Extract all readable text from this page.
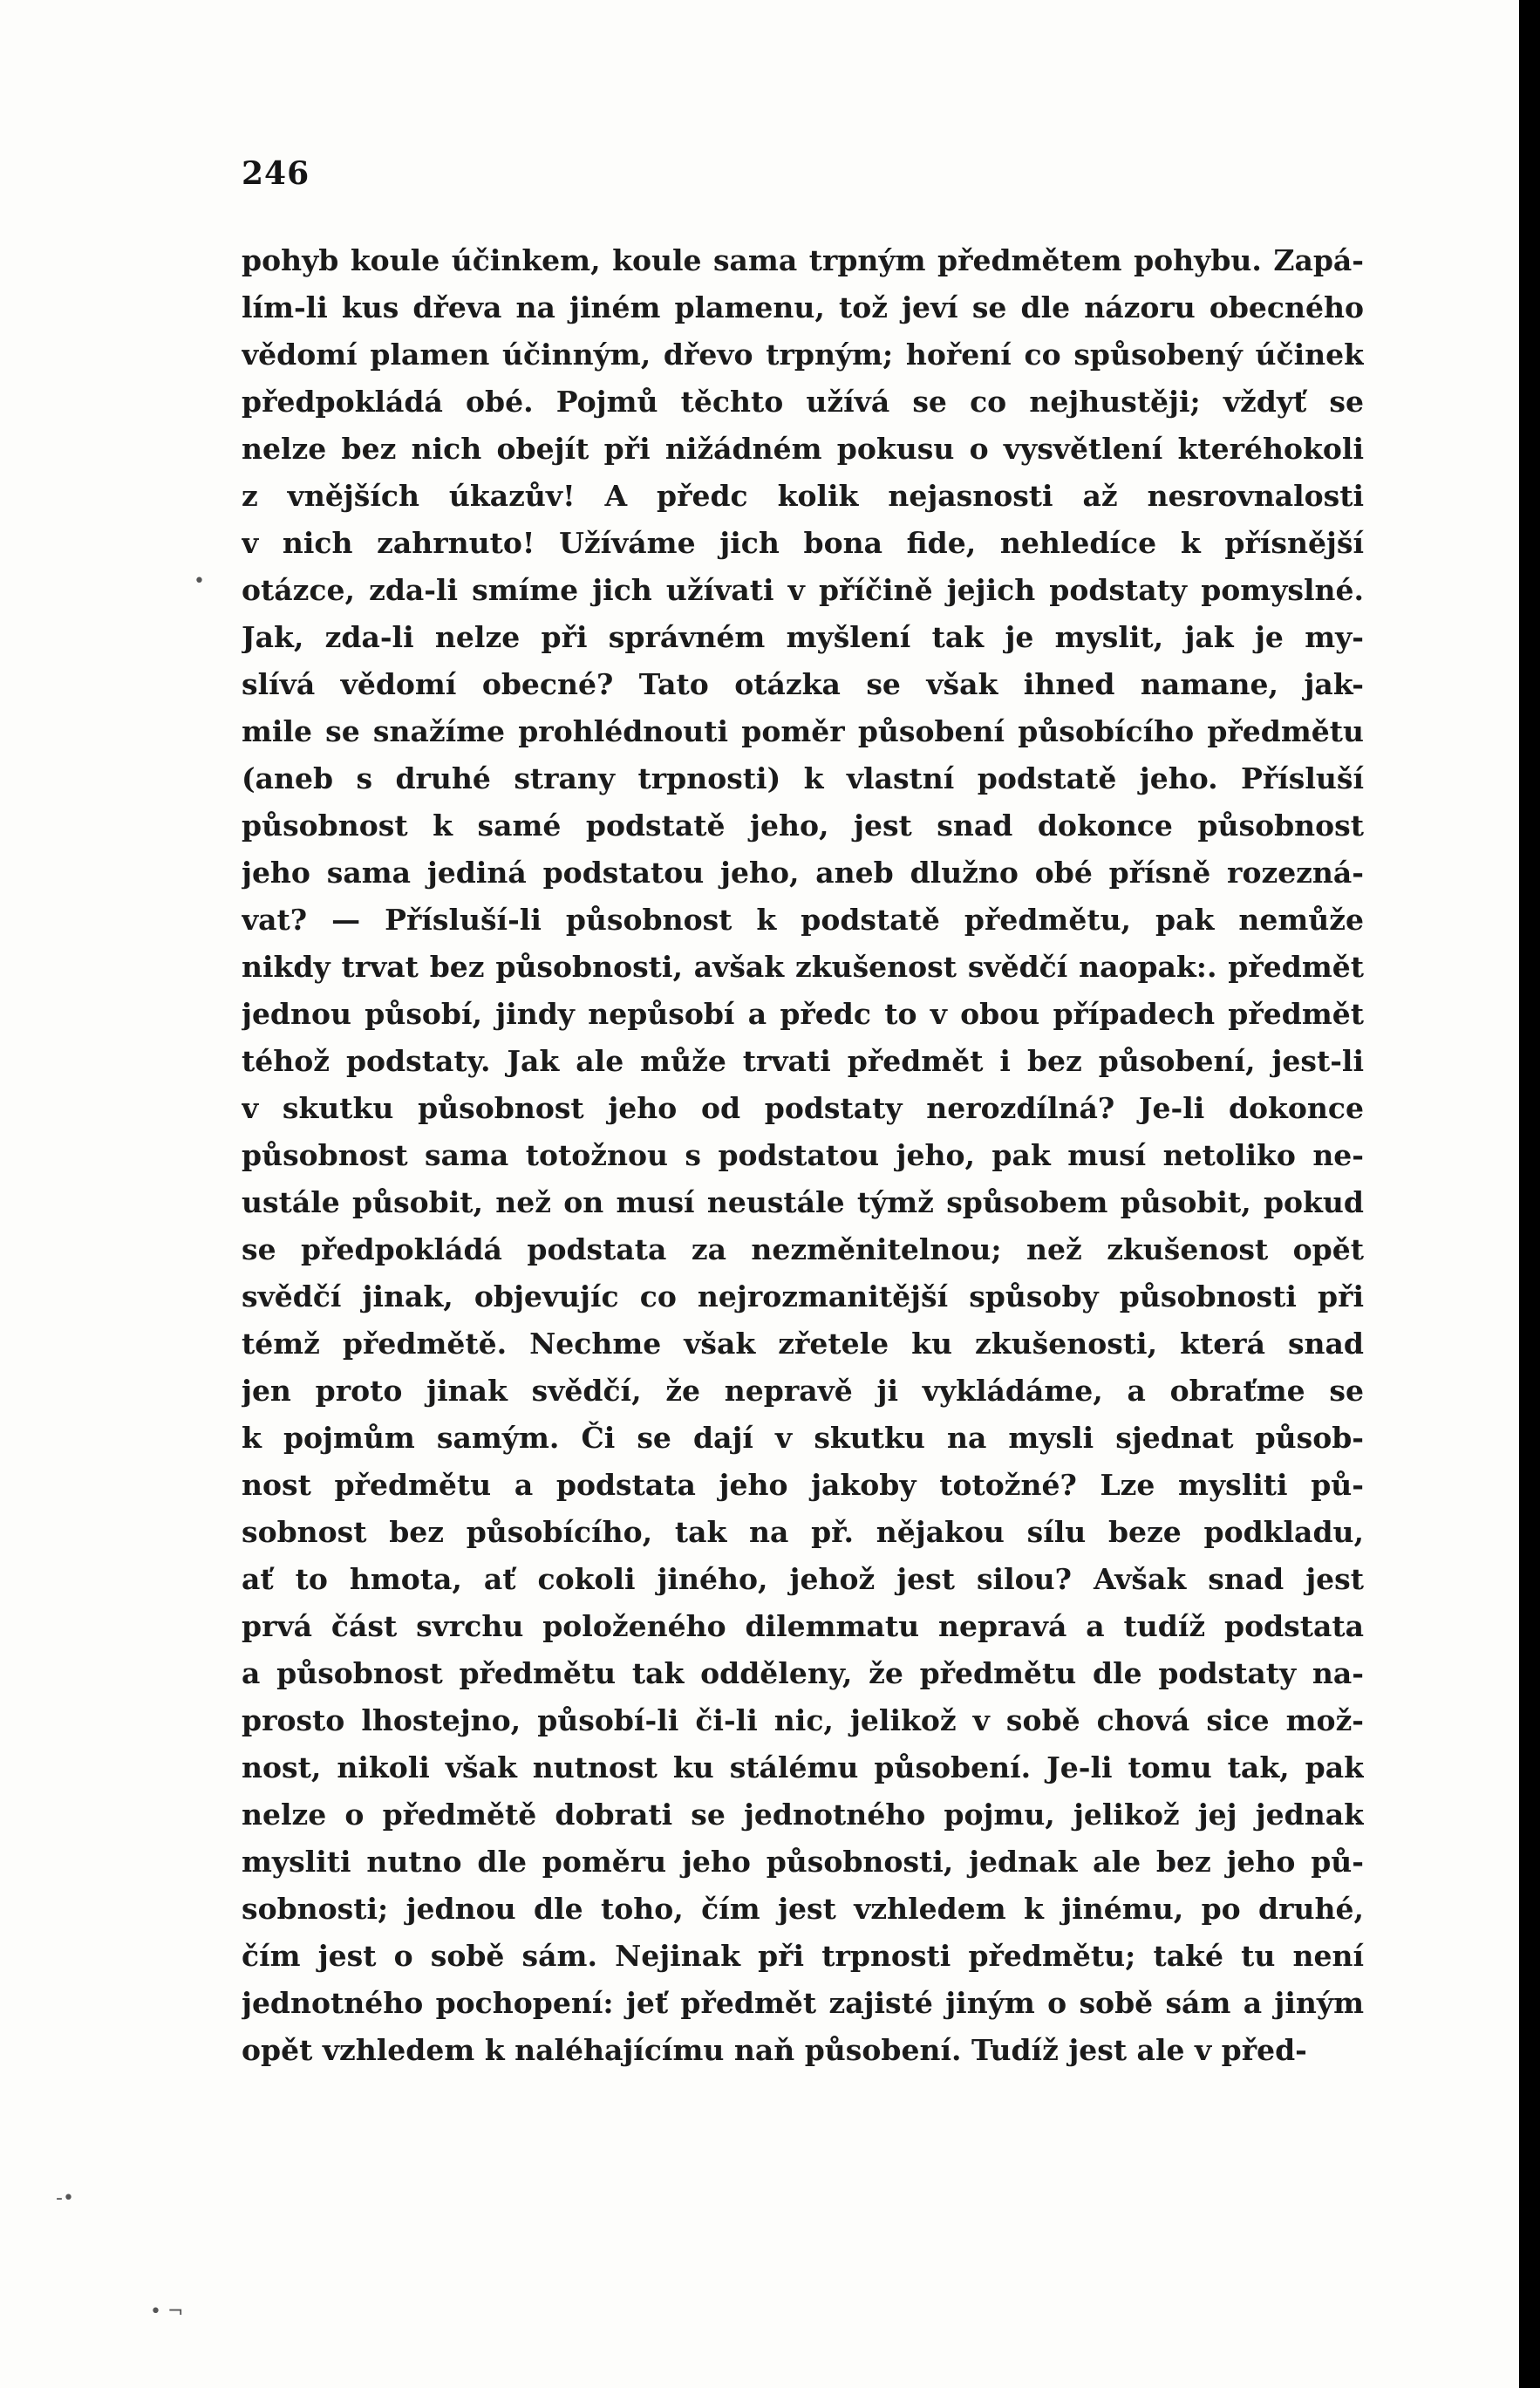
246
pohyb koule účinkem, koule sama trpným předmětem pohybu. Zapá-
lím-li kus dřeva na jiném plamenu, tož jeví se dle názoru obecného
vědomí plamen účinným, dřevo trpným; hoření co spůsobený účinek
předpokládá obé. Pojmů těchto užívá se co nejhustěji; vždyť se
nelze bez nich obejít při nižádném pokusu o vysvětlení kteréhokoli
z vnějších úkazův! A předc kolik nejasnosti až nesrovnalosti
v nich zahrnuto! Užíváme jich bona fide, nehledíce k přísnější
otázce, zda-li smíme jich užívati v příčině jejich podstaty pomyslné.
Jak, zda-li nelze při správném myšlení tak je myslit, jak je my-
slívá vědomí obecné? Tato otázka se však ihned namane, jak-
mile se snažíme prohlédnouti poměr působení působícího předmětu
(aneb s druhé strany trpnosti) k vlastní podstatě jeho. Přísluší
působnost k samé podstatě jeho, jest snad dokonce působnost
jeho sama jediná podstatou jeho, aneb dlužno obé přísně rozezná-
vat? — Přísluší-li působnost k podstatě předmětu, pak nemůže
nikdy trvat bez působnosti, avšak zkušenost svědčí naopak:. předmět
jednou působí, jindy nepůsobí a předc to v obou případech předmět
téhož podstaty. Jak ale může trvati předmět i bez působení, jest-li
v skutku působnost jeho od podstaty nerozdílná? Je-li dokonce
působnost sama totožnou s podstatou jeho, pak musí netoliko ne-
ustále působit, než on musí neustále týmž spůsobem působit, pokud
se předpokládá podstata za nezměnitelnou; než zkušenost opět
svědčí jinak, objevujíc co nejrozmanitější spůsoby působnosti při
témž předmětě. Nechme však zřetele ku zkušenosti, která snad
jen proto jinak svědčí, že nepravě ji vykládáme, a obraťme se
k pojmům samým. Či se dají v skutku na mysli sjednat působ-
nost předmětu a podstata jeho jakoby totožné? Lze mysliti pů-
sobnost bez působícího, tak na př. nějakou sílu beze podkladu,
ať to hmota, ať cokoli jiného, jehož jest silou? Avšak snad jest
prvá část svrchu položeného dilemmatu nepravá a tudíž podstata
a působnost předmětu tak odděleny, že předmětu dle podstaty na-
prosto lhostejno, působí-li či-li nic, jelikož v sobě chová sice mož-
nost, nikoli však nutnost ku stálému působení. Je-li tomu tak, pak
nelze o předmětě dobrati se jednotného pojmu, jelikož jej jednak
mysliti nutno dle poměru jeho působnosti, jednak ale bez jeho pů-
sobnosti; jednou dle toho, čím jest vzhledem k jinému, po druhé,
čím jest o sobě sám. Nejinak při trpnosti předmětu; také tu není
jednotného pochopení: jeť předmět zajisté jiným o sobě sám a jiným
opět vzhledem k naléhajícímu naň působení. Tudíž jest ale v před-
•
-•
• ¬
